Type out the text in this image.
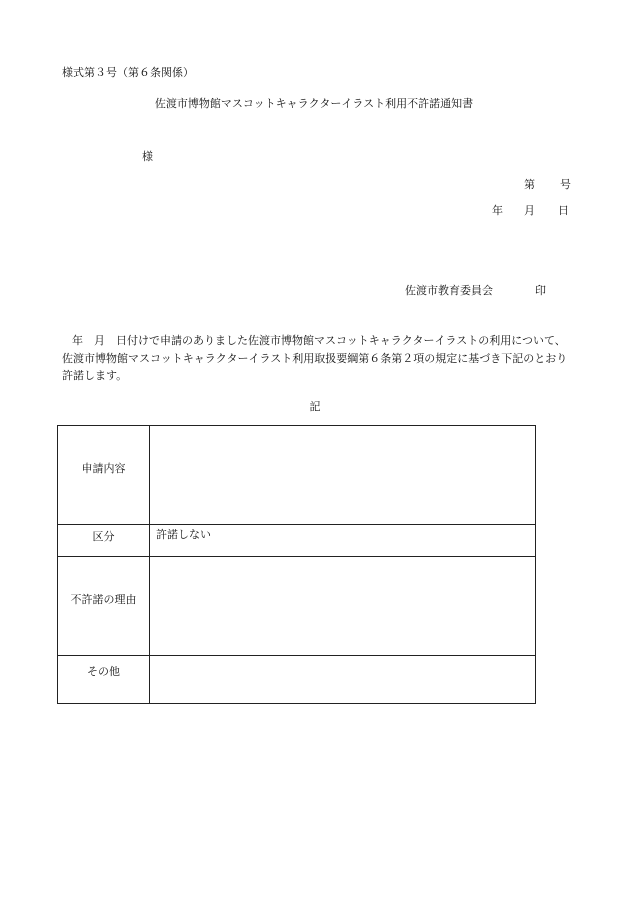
様式第３号（第６条関係）
佐渡市博物館マスコットキャラクターイラスト利用不許諾通知書
様
第 号
年 月 日
佐渡市教育委員会	印
年　月　日付けで申請のありました佐渡市博物館マスコットキャラクターイラストの利用について、佐渡市博物館マスコットキャラクターイラスト利用取扱要綱第６条第２項の規定に基づき下記のとおり許諾します。
記
申請内容	
区分	許諾しない
不許諾の理由	
その他	
